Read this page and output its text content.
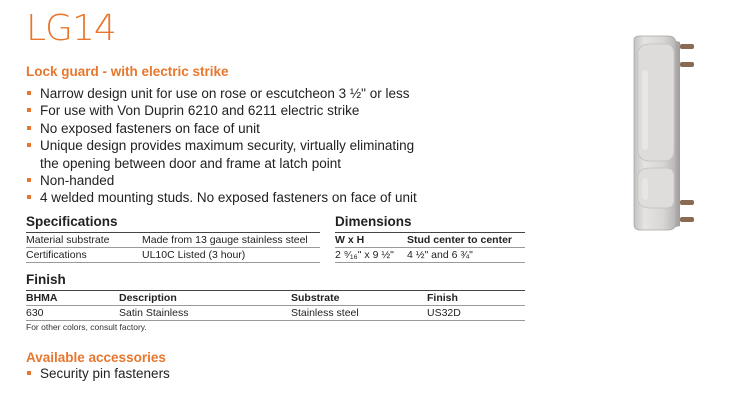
LG14
Lock guard - with electric strike
Narrow design unit for use on rose or escutcheon 3 ½" or less
For use with Von Duprin 6210 and 6211 electric strike
No exposed fasteners on face of unit
Unique design provides maximum security, virtually eliminating
the opening between door and frame at latch point
Non-handed
4 welded mounting studs. No exposed fasteners on face of unit
Specifications
Material substrate	Made from 13 gauge stainless steel
Certifications	UL10C Listed (3 hour)
Dimensions
W x H	Stud center to center
2 ⁹⁄₁₆" x 9 ½"	4 ½" and 6 ¾"
Finish
BHMA	Description	Substrate	Finish
630	Satin Stainless	Stainless steel	US32D
For other colors, consult factory.
Available accessories
Security pin fasteners
